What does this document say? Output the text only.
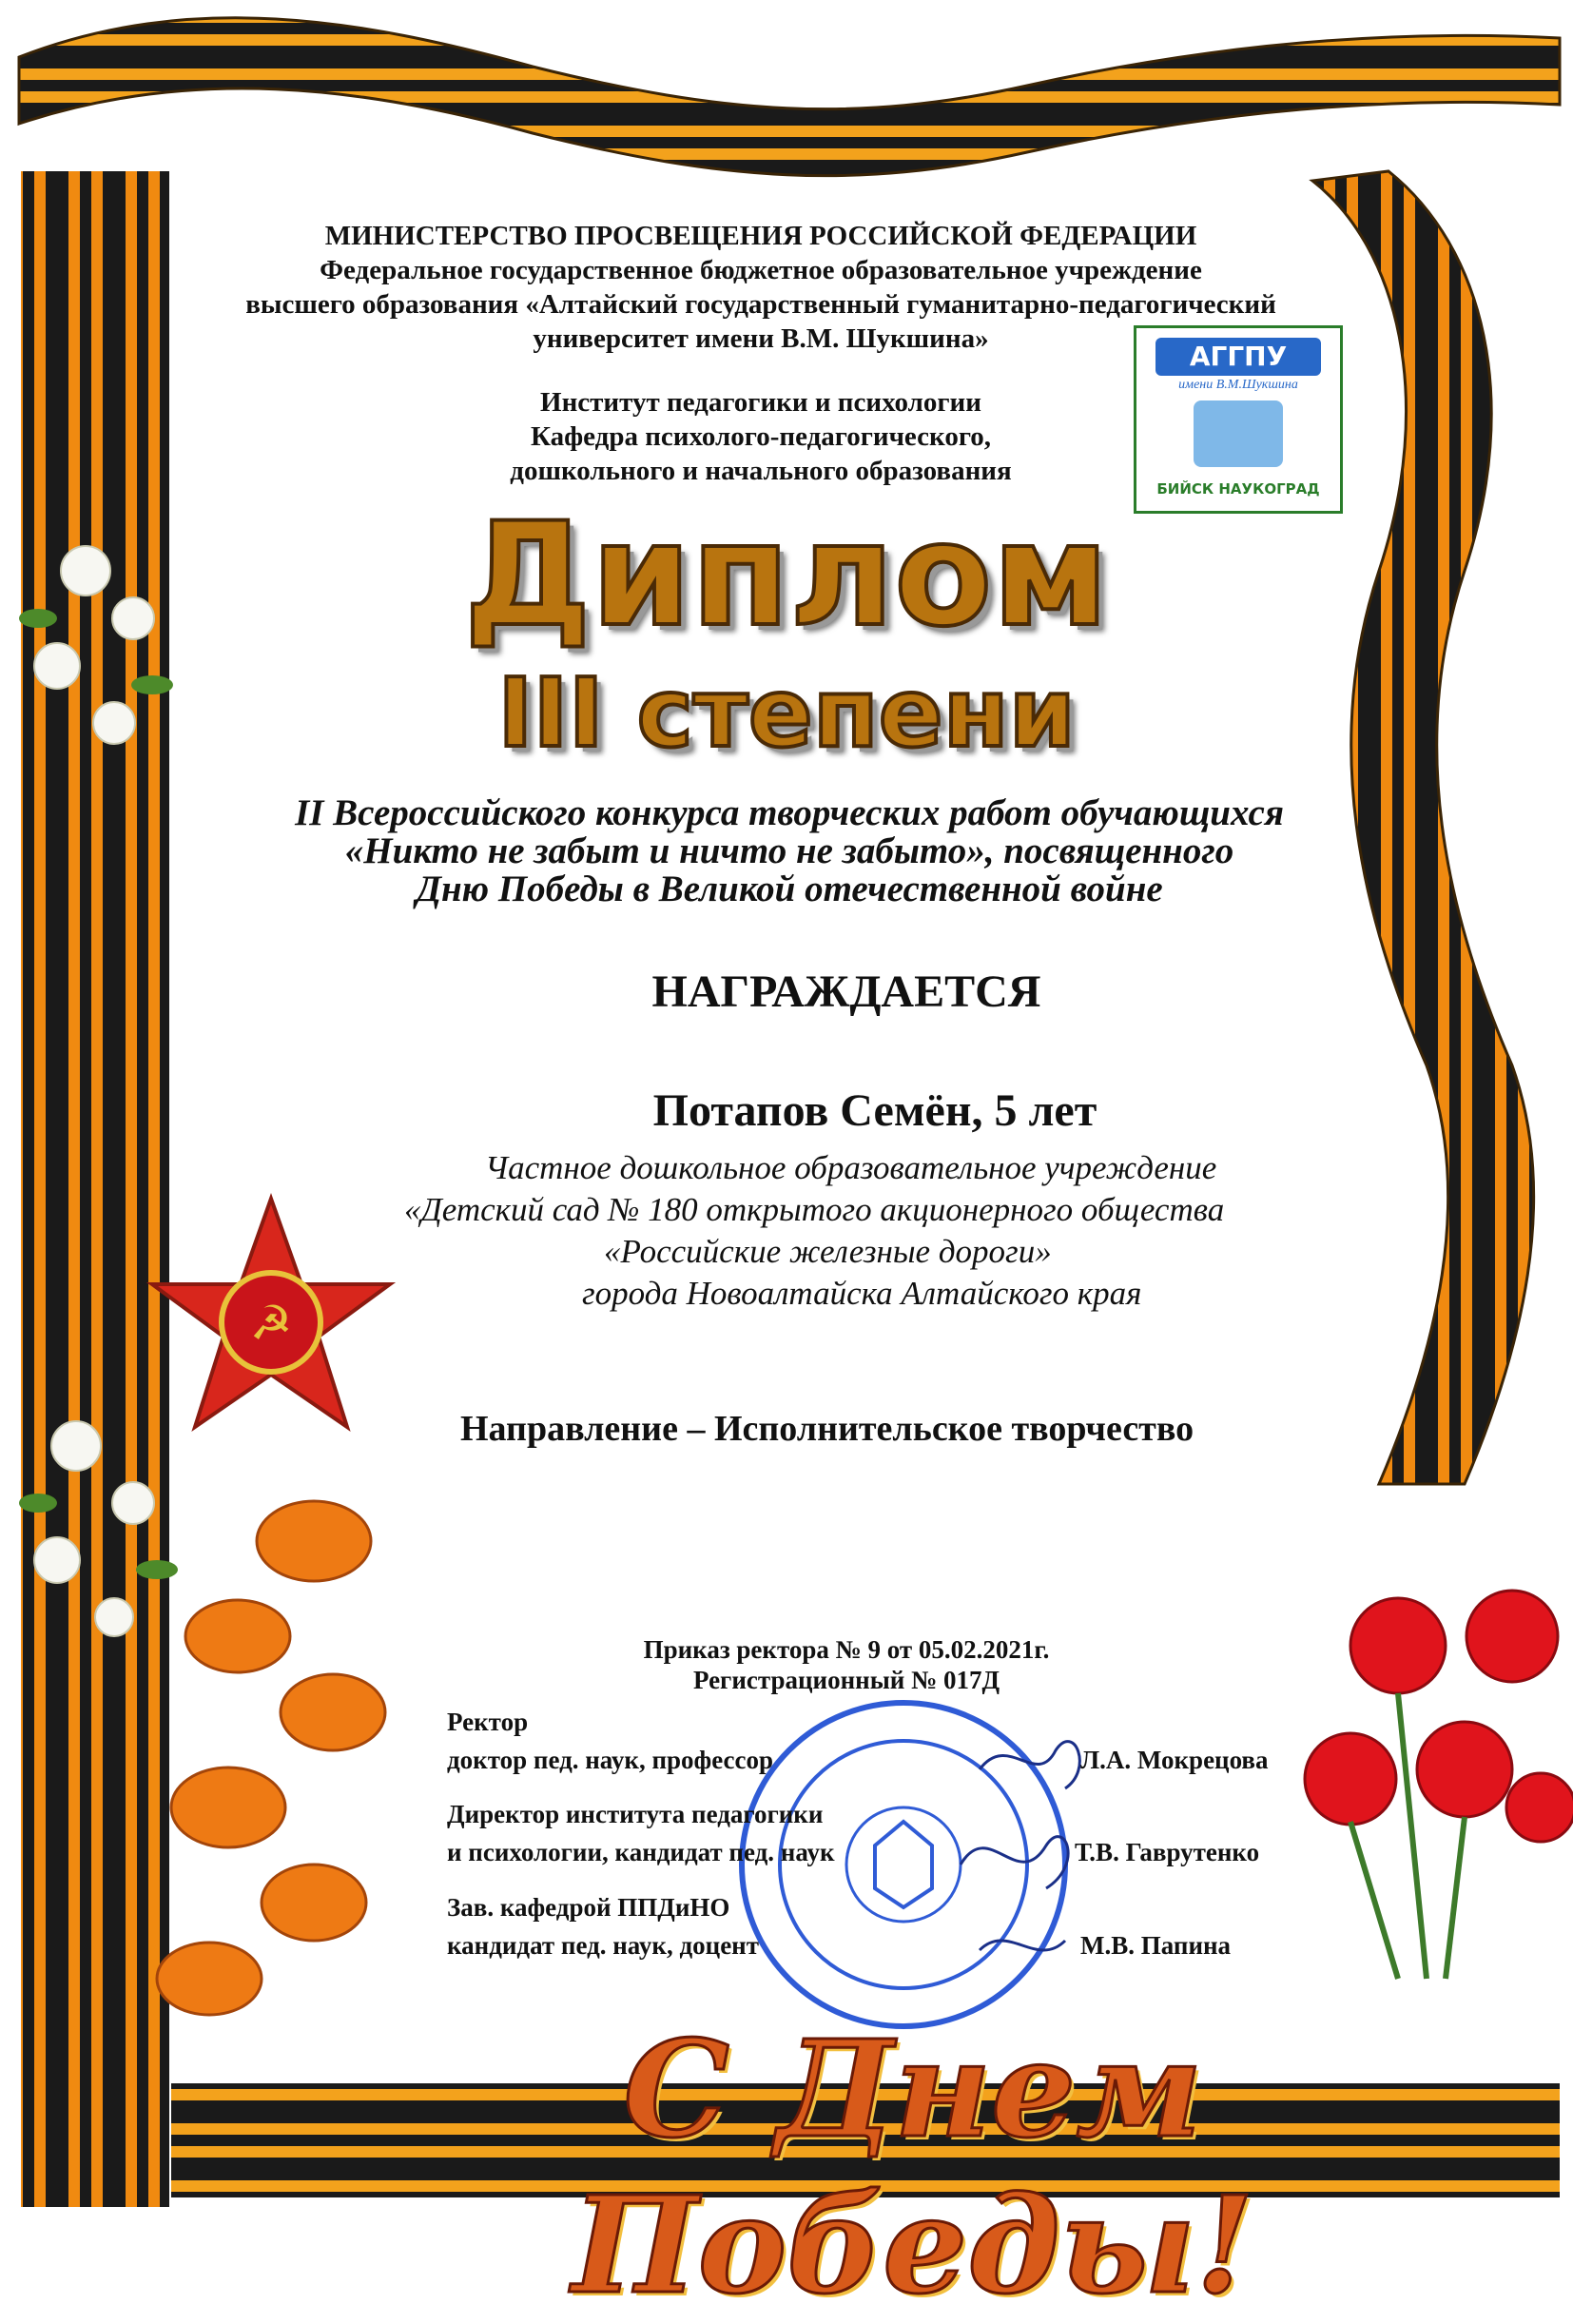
☭
МИНИСТЕРСТВО ПРОСВЕЩЕНИЯ РОССИЙСКОЙ ФЕДЕРАЦИИ
Федеральное государственное бюджетное образовательное учреждение
высшего образования «Алтайский государственный гуманитарно-педагогический
университет имени В.М. Шукшина»
Институт педагогики и психологии
Кафедра психолого-педагогического,
дошкольного и начального образования
АГГПУ
имени В.М.Шукшина
БИЙСК НАУКОГРАД
Диплом
III степени
II Всероссийского конкурса творческих работ обучающихся
«Никто не забыт и ничто не забыто», посвященного
Дню Победы в Великой отечественной войне
НАГРАЖДАЕТСЯ
Потапов Семён, 5 лет
Частное дошкольное образовательное учреждение
«Детский сад № 180 открытого акционерного общества
«Российские железные дороги»
города Новоалтайска Алтайского края
Направление – Исполнительское творчество
Приказ ректора № 9 от 05.02.2021г.
Регистрационный № 017Д
Ректор
доктор пед. наук, профессор	Л.А. Мокрецова
Директор института педагогики
и психологии, кандидат пед. наук	Т.В. Гаврутенко
Зав. кафедрой ППДиНО
кандидат пед. наук, доцент	М.В. Папина
С Днем Победы!
